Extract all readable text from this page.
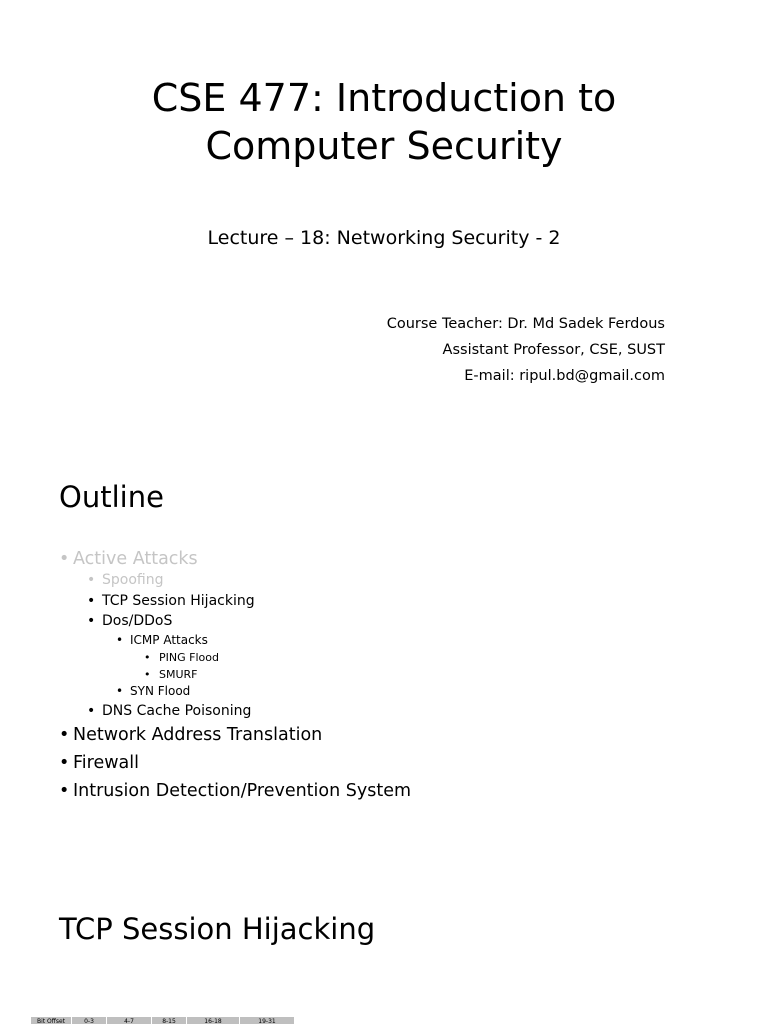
CSE 477: Introduction to
Computer Security

Lecture – 18: Networking Security - 2

Course Teacher: Dr. Md Sadek Ferdous
Assistant Professor, CSE, SUST
E-mail: ripul.bd@gmail.com
Outline
• Active Attacks
• Spoofing
• TCP Session Hijacking
• Dos/DDoS
• ICMP Attacks
• PING Flood
• SMURF
• SYN Flood
• DNS Cache Poisoning
• Network Address Translation
• Firewall
• Intrusion Detection/Prevention System
TCP Session Hijacking
Bit Offset	0-3	4-7	8-15	16-18	19-31
